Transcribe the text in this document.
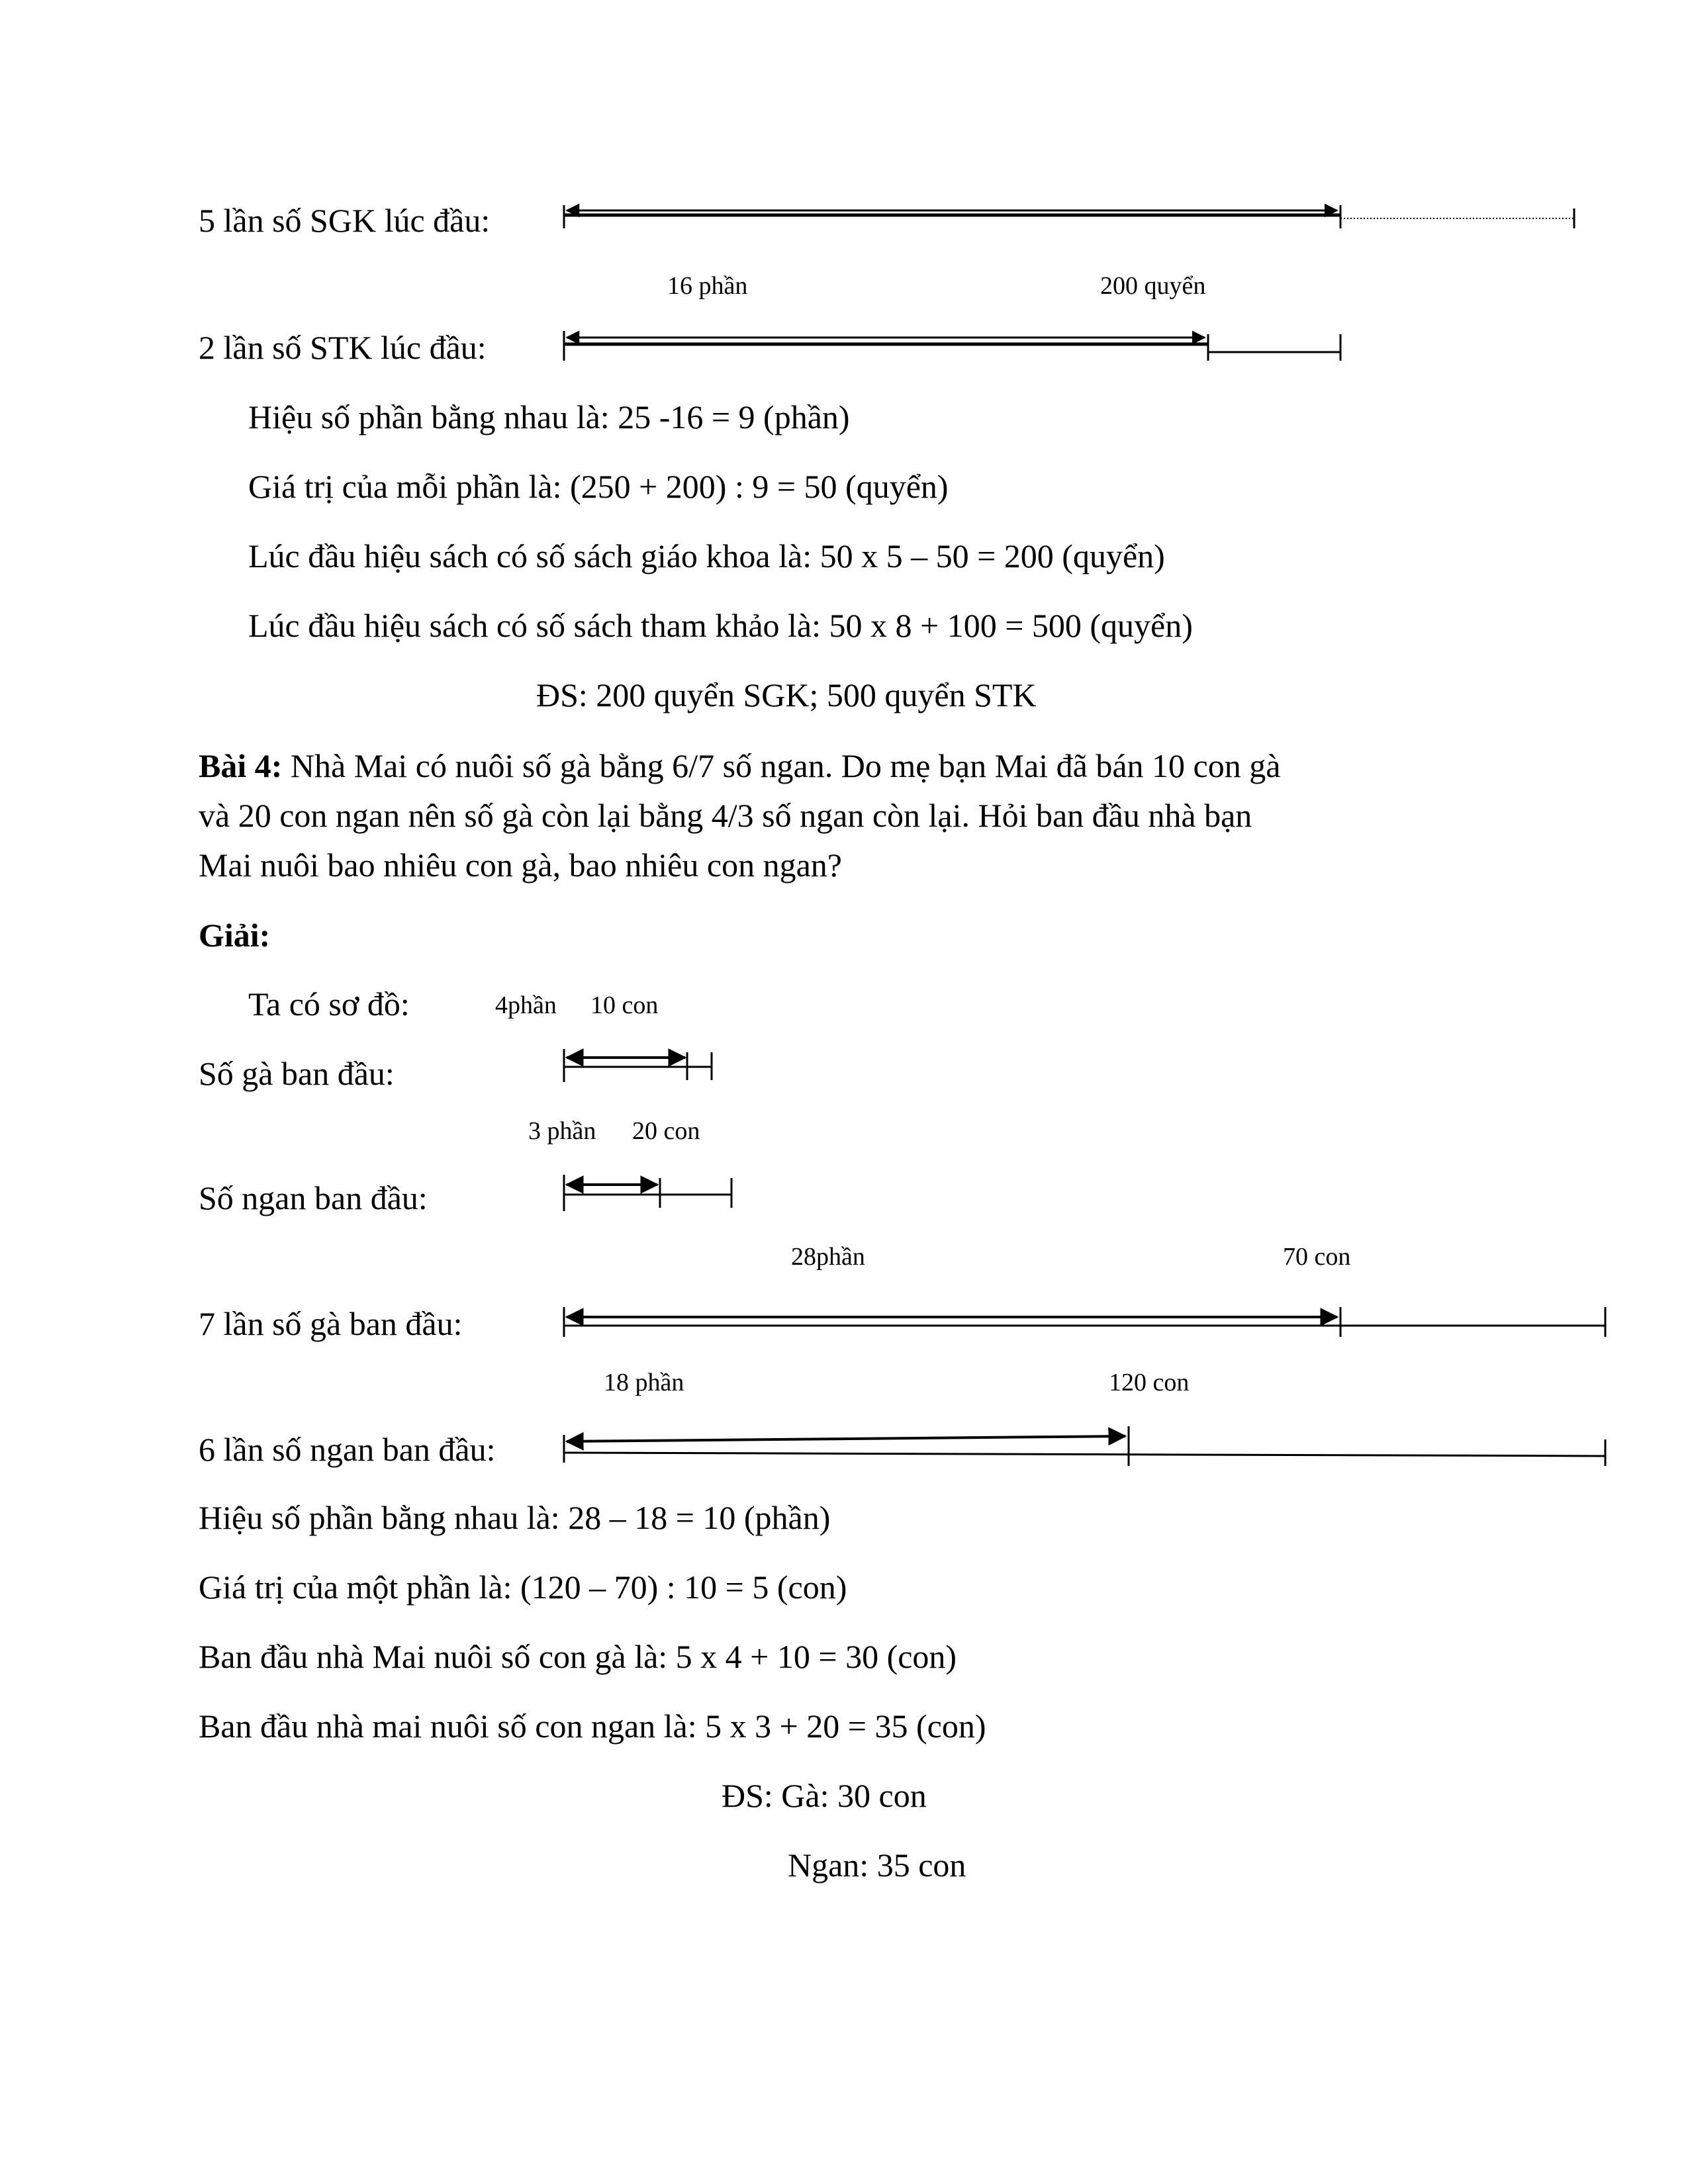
5 lần số SGK lúc đầu:
16 phần	200 quyển
2 lần số STK lúc đầu:
Hiệu số phần bằng nhau là: 25 -16 = 9 (phần)
Giá trị của mỗi phần là: (250 + 200) : 9 = 50 (quyển)
Lúc đầu hiệu sách có số sách giáo khoa là: 50 x 5 – 50 = 200 (quyển)
Lúc đầu hiệu sách có số sách tham khảo là: 50 x 8 + 100 = 500 (quyển)
ĐS: 200 quyển SGK; 500 quyển STK
Bài 4: Nhà Mai có nuôi số gà bằng 6/7 số ngan. Do mẹ bạn Mai đã bán 10 con gà
và 20 con ngan nên số gà còn lại bằng 4/3 số ngan còn lại. Hỏi ban đầu nhà bạn
Mai nuôi bao nhiêu con gà, bao nhiêu con ngan?
Giải:
Ta có sơ đồ:	4phần 10 con
Số gà ban đầu:
3 phần 20 con
Số ngan ban đầu:
28phần	70 con
7 lần số gà ban đầu:
18 phần	120 con
6 lần số ngan ban đầu:
Hiệu số phần bằng nhau là: 28 – 18 = 10 (phần)
Giá trị của một phần là: (120 – 70) : 10 = 5 (con)
Ban đầu nhà Mai nuôi số con gà là: 5 x 4 + 10 = 30 (con)
Ban đầu nhà mai nuôi số con ngan là: 5 x 3 + 20 = 35 (con)
ĐS: Gà: 30 con
Ngan: 35 con
